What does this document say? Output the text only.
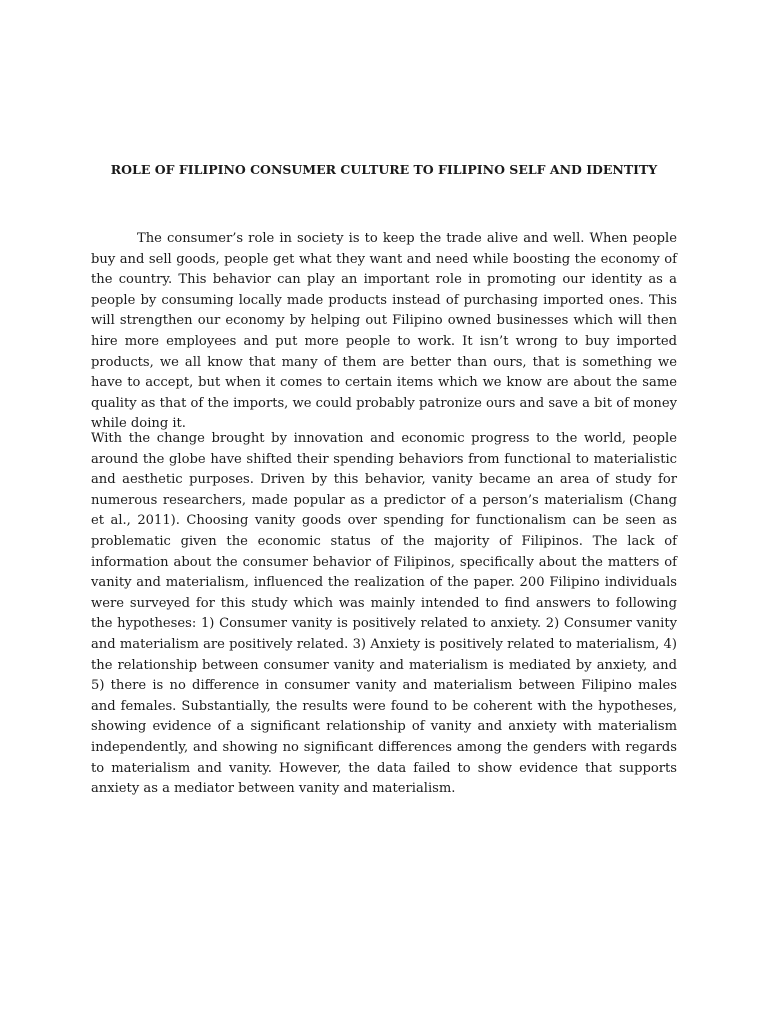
ROLE OF FILIPINO CONSUMER CULTURE TO FILIPINO SELF AND IDENTITY

The consumer’s role in society is to keep the trade alive and well. When people buy and sell goods, people get what they want and need while boosting the economy of the country. This behavior can play an important role in promoting our identity as a people by consuming locally made products instead of purchasing imported ones. This will strengthen our economy by helping out Filipino owned businesses which will then hire more employees and put more people to work. It isn’t wrong to buy imported products, we all know that many of them are better than ours, that is something we have to accept, but when it comes to certain items which we know are about the same quality as that of the imports, we could probably patronize ours and save a bit of money while doing it.

With the change brought by innovation and economic progress to the world, people around the globe have shifted their spending behaviors from functional to materialistic and aesthetic purposes. Driven by this behavior, vanity became an area of study for numerous researchers, made popular as a predictor of a person’s materialism (Chang et al., 2011). Choosing vanity goods over spending for functionalism can be seen as problematic given the economic status of the majority of Filipinos. The lack of information about the consumer behavior of Filipinos, specifically about the matters of vanity and materialism, influenced the realization of the paper. 200 Filipino individuals were surveyed for this study which was mainly intended to find answers to following the hypotheses: 1) Consumer vanity is positively related to anxiety. 2) Consumer vanity and materialism are positively related. 3) Anxiety is positively related to materialism, 4) the relationship between consumer vanity and materialism is mediated by anxiety, and 5) there is no difference in consumer vanity and materialism between Filipino males and females. Substantially, the results were found to be coherent with the hypotheses, showing evidence of a significant relationship of vanity and anxiety with materialism independently, and showing no significant differences among the genders with regards to materialism and vanity. However, the data failed to show evidence that supports anxiety as a mediator between vanity and materialism.
